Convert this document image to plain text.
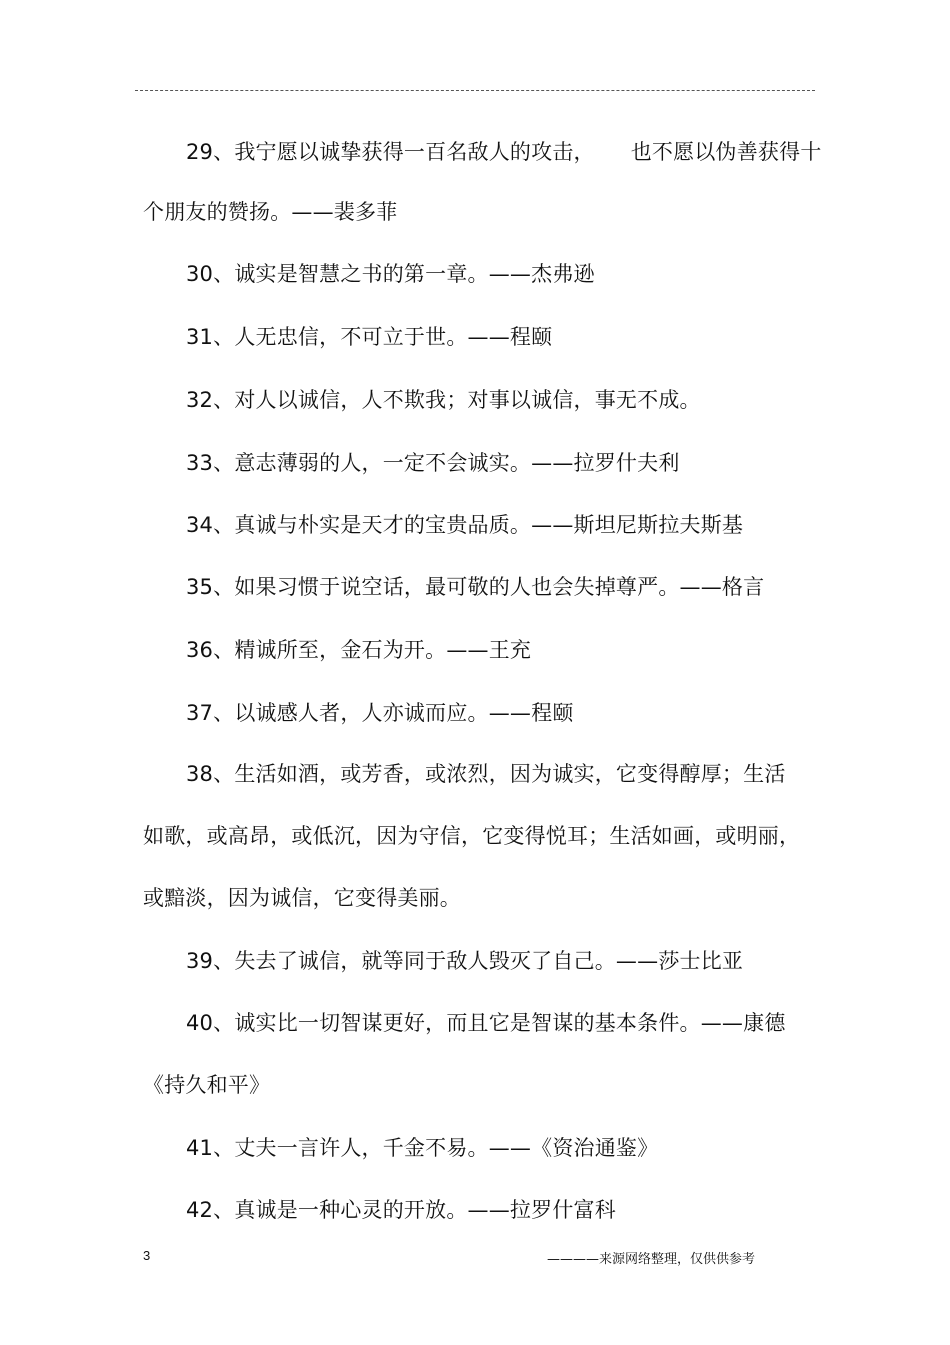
29、我宁愿以诚挚获得一百名敌人的攻击， 也不愿以伪善获得十
个朋友的赞扬。——裴多菲
30、诚实是智慧之书的第一章。——杰弗逊
31、人无忠信，不可立于世。——程颐
32、对人以诚信，人不欺我；对事以诚信，事无不成。
33、意志薄弱的人，一定不会诚实。——拉罗什夫利
34、真诚与朴实是天才的宝贵品质。——斯坦尼斯拉夫斯基
35、如果习惯于说空话，最可敬的人也会失掉尊严。——格言
36、精诚所至，金石为开。——王充
37、以诚感人者，人亦诚而应。——程颐
38、生活如酒，或芳香，或浓烈，因为诚实，它变得醇厚；生活
如歌，或高昂，或低沉，因为守信，它变得悦耳；生活如画，或明丽，
或黯淡，因为诚信，它变得美丽。
39、失去了诚信，就等同于敌人毁灭了自己。——莎士比亚
40、诚实比一切智谋更好，而且它是智谋的基本条件。——康德
《持久和平》
41、丈夫一言许人，千金不易。——《资治通鉴》
42、真诚是一种心灵的开放。——拉罗什富科
3	————来源网络整理，仅供供参考
